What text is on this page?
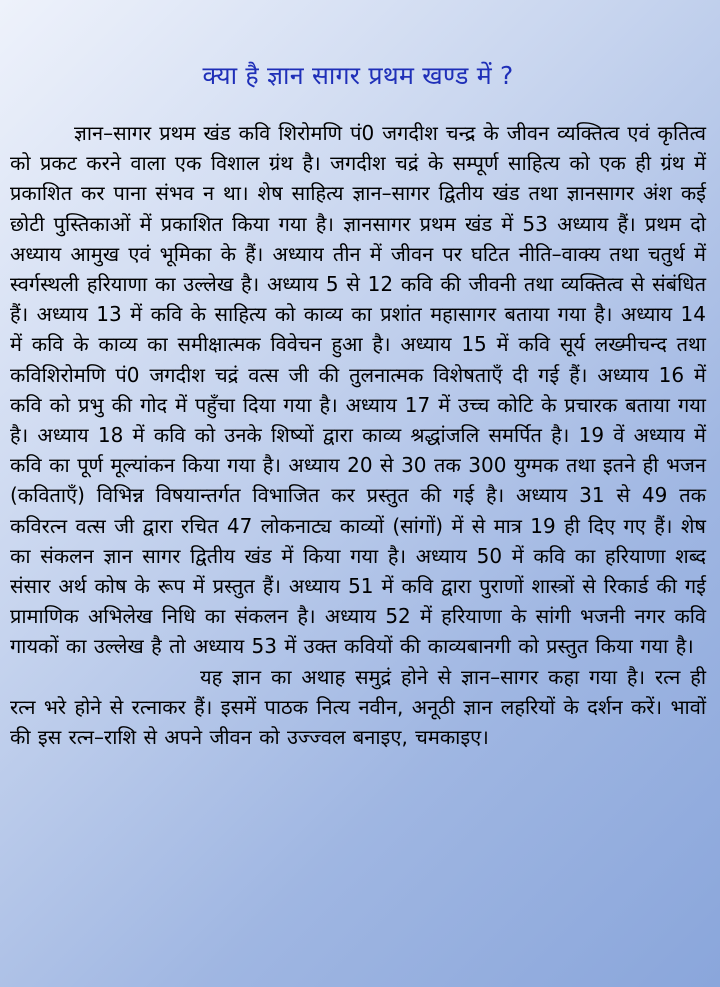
क्या है ज्ञान सागर प्रथम खण्ड में ?

ज्ञान–सागर प्रथम खंड कवि शिरोमणि पं0 जगदीश चन्द्र के जीवन व्यक्तित्व एवं कृतित्व को प्रकट करने वाला एक विशाल ग्रंथ है। जगदीश चद्रं के सम्पूर्ण साहित्य को एक ही ग्रंथ में प्रकाशित कर पाना संभव न था। शेष साहित्य ज्ञान–सागर द्वितीय खंड तथा ज्ञानसागर अंश कई छोटी पुस्तिकाओं में प्रकाशित किया गया है। ज्ञानसागर प्रथम खंड में 53 अध्याय हैं। प्रथम दो अध्याय आमुख एवं भूमिका के हैं। अध्याय तीन में जीवन पर घटित नीति–वाक्य तथा चतुर्थ में स्वर्गस्थली हरियाणा का उल्लेख है। अध्याय 5 से 12 कवि की जीवनी तथा व्यक्तित्व से संबंधित हैं। अध्याय 13 में कवि के साहित्य को काव्य का प्रशांत महासागर बताया गया है। अध्याय 14 में कवि के काव्य का समीक्षात्मक विवेचन हुआ है। अध्याय 15 में कवि सूर्य लख्मीचन्द तथा कविशिरोमणि पं0 जगदीश चद्रं वत्स जी की तुलनात्मक विशेषताएँ दी गई हैं। अध्याय 16 में कवि को प्रभु की गोद में पहुँचा दिया गया है। अध्याय 17 में उच्च कोटि के प्रचारक बताया गया है। अध्याय 18 में कवि को उनके शिष्यों द्वारा काव्य श्रद्धांजलि समर्पित है। 19 वें अध्याय में कवि का पूर्ण मूल्यांकन किया गया है। अध्याय 20 से 30 तक 300 युग्मक तथा इतने ही भजन (कविताएँ) विभिन्न विषयान्तर्गत विभाजित कर प्रस्तुत की गई है। अध्याय 31 से 49 तक कविरत्न वत्स जी द्वारा रचित 47 लोकनाट्य काव्यों (सांगों) में से मात्र 19 ही दिए गए हैं। शेष का संकलन ज्ञान सागर द्वितीय खंड में किया गया है। अध्याय 50 में कवि का हरियाणा शब्द संसार अर्थ कोष के रूप में प्रस्तुत हैं। अध्याय 51 में कवि द्वारा पुराणों शास्त्रों से रिकार्ड की गई प्रामाणिक अभिलेख निधि का संकलन है। अध्याय 52 में हरियाणा के सांगी भजनी नगर कवि गायकों का उल्लेख है तो अध्याय 53 में उक्त कवियों की काव्यबानगी को प्रस्तुत किया गया है।

यह ज्ञान का अथाह समुद्रं होने से ज्ञान–सागर कहा गया है। रत्न ही रत्न भरे होने से रत्नाकर हैं। इसमें पाठक नित्य नवीन, अनूठी ज्ञान लहरियों के दर्शन करें। भावों की इस रत्न–राशि से अपने जीवन को उज्ज्वल बनाइए, चमकाइए।
